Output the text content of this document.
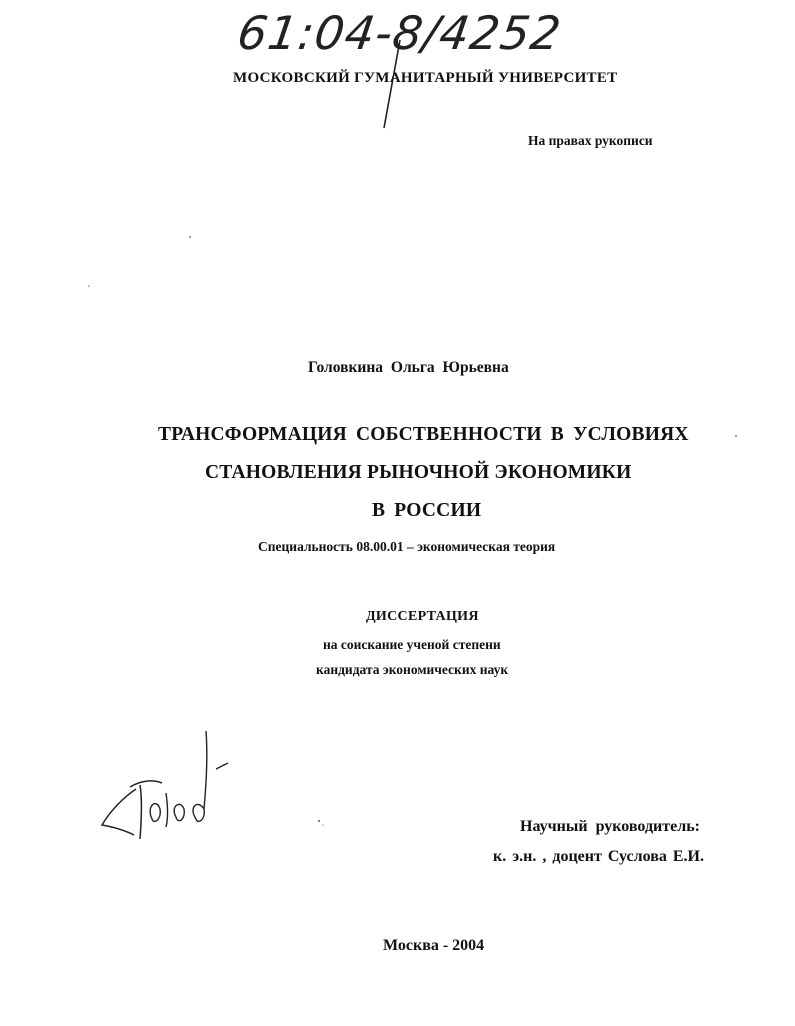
61:04-8/4252

МОСКОВСКИЙ ГУМАНИТАРНЫЙ УНИВЕРСИТЕТ

На правах рукописи

Головкина Ольга Юрьевна

ТРАНСФОРМАЦИЯ СОБСТВЕННОСТИ В УСЛОВИЯХ

СТАНОВЛЕНИЯ РЫНОЧНОЙ ЭКОНОМИКИ

В РОССИИ

Специальность 08.00.01 – экономическая теория

ДИССЕРТАЦИЯ

на соискание ученой степени

кандидата экономических наук

Научный руководитель:

к. э.н. , доцент Суслова Е.И.

Москва - 2004
